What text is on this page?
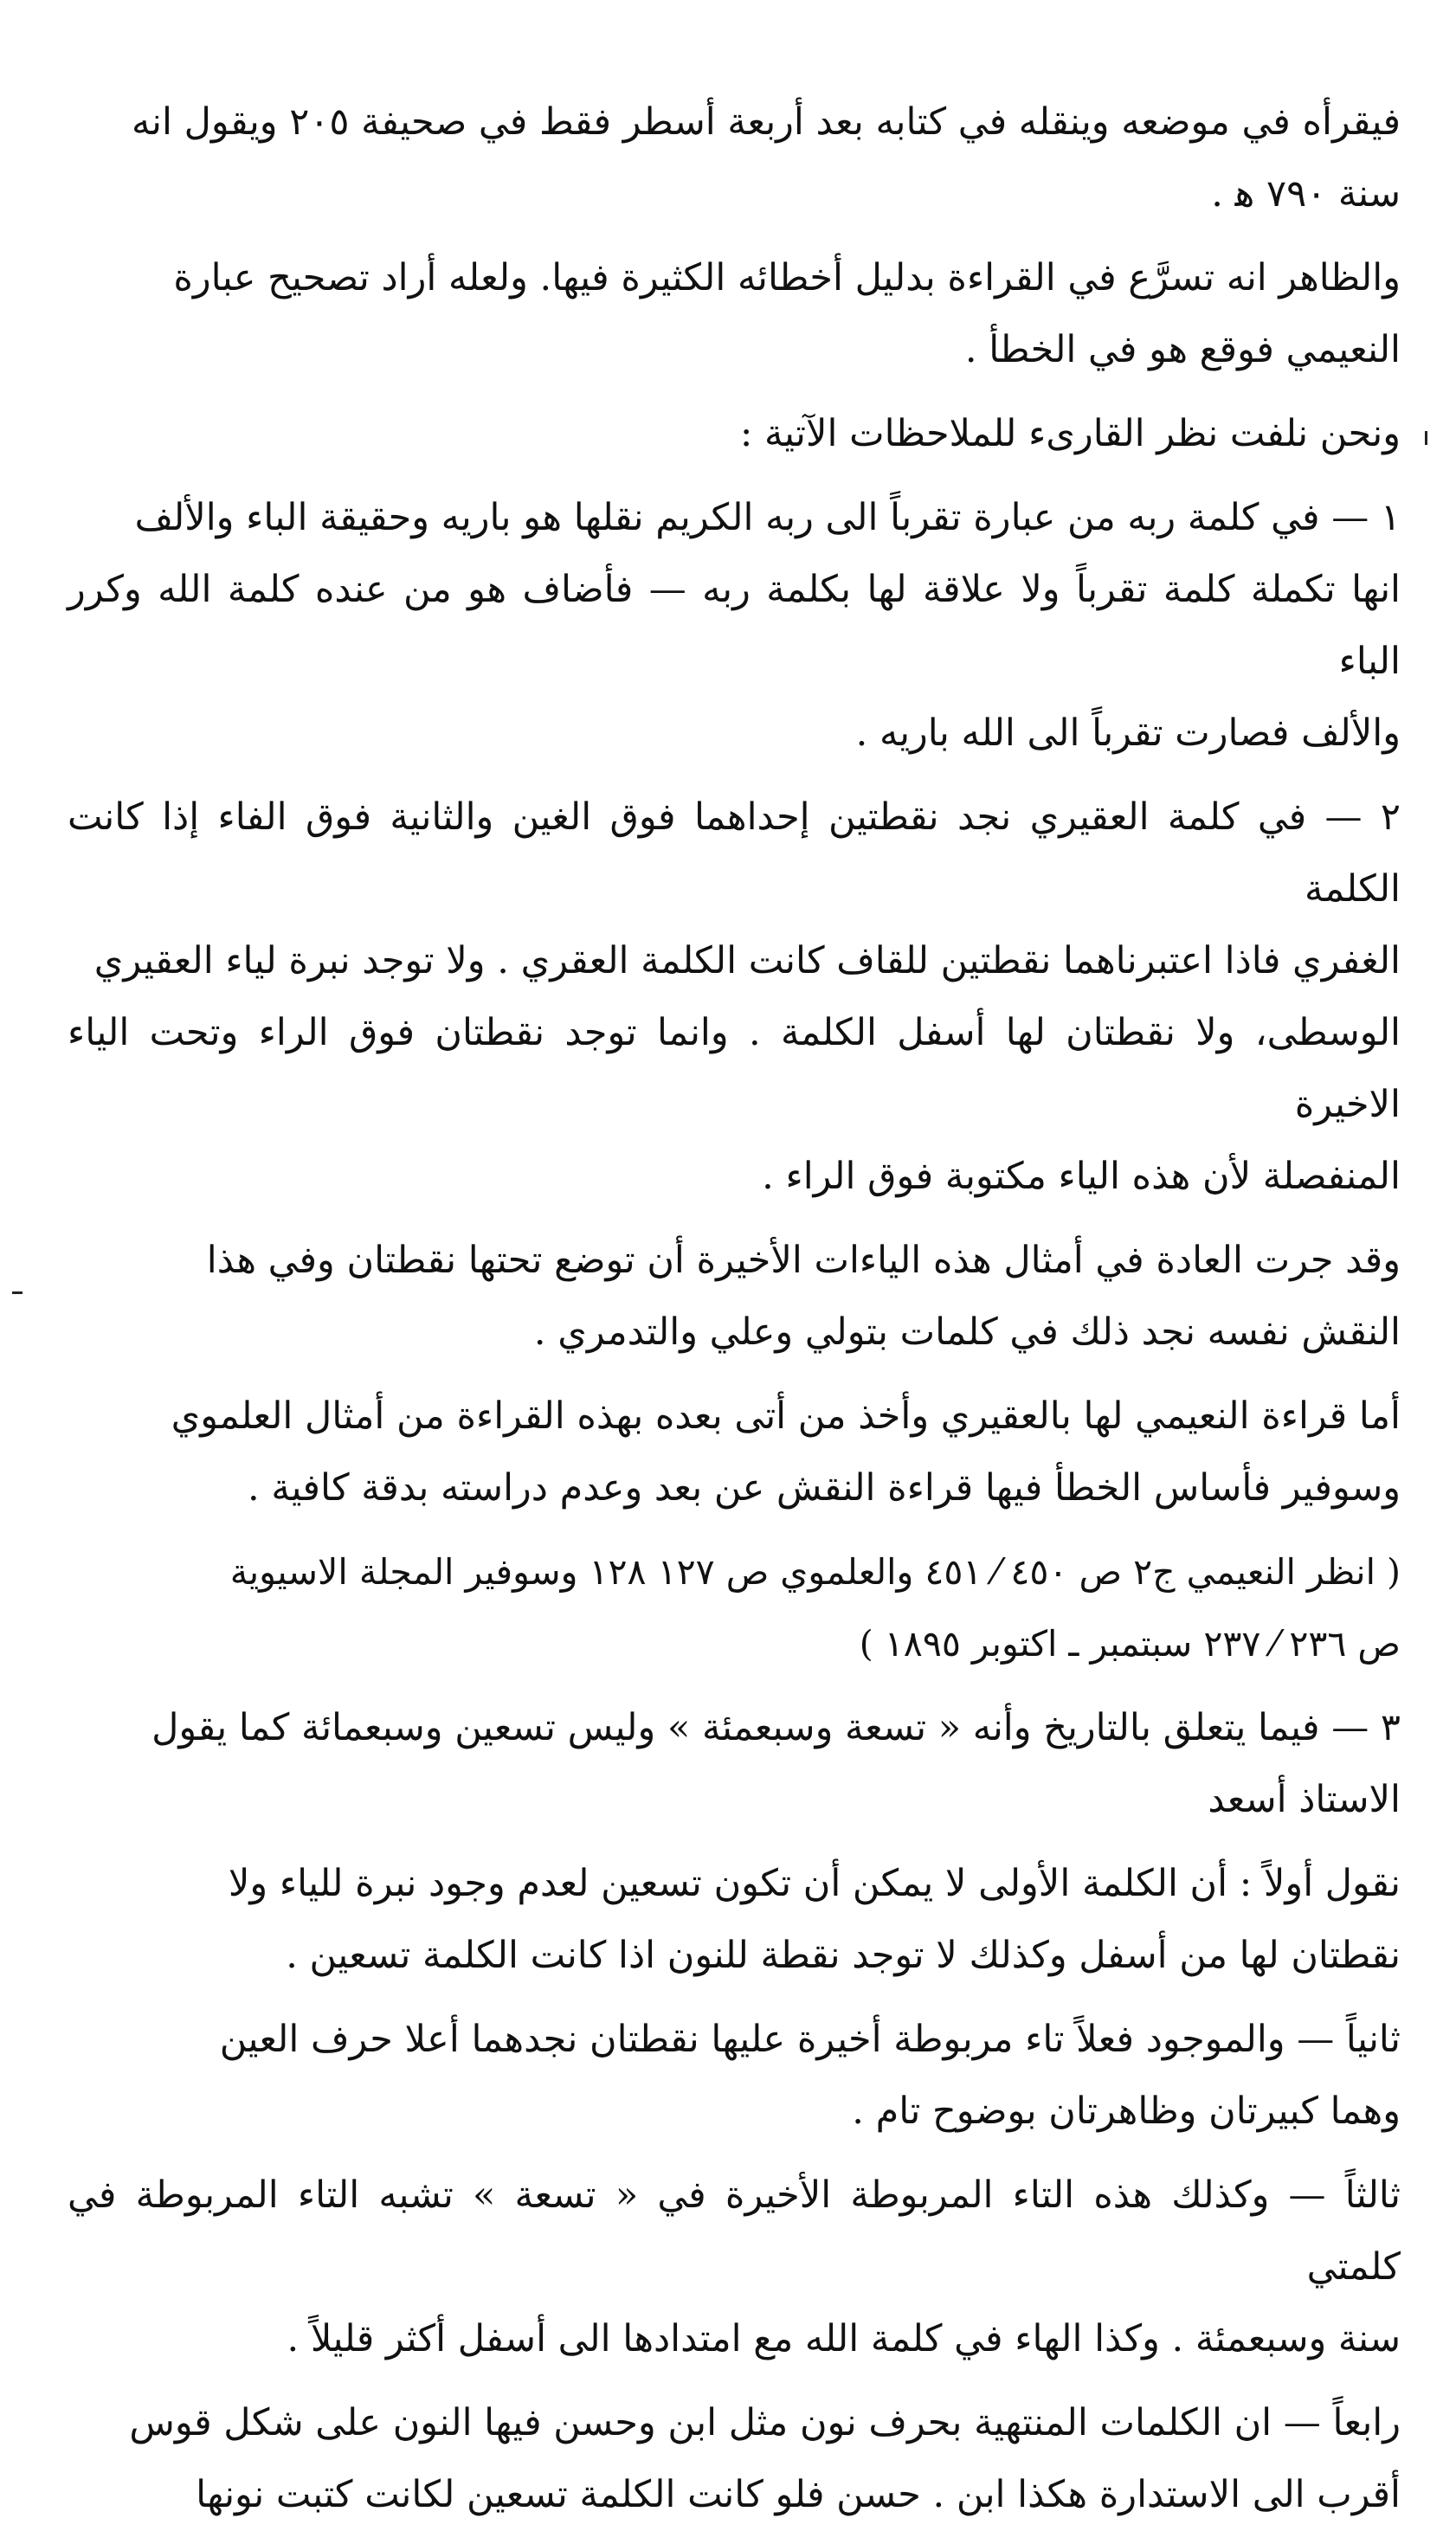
فيقرأه في موضعه وينقله في كتابه بعد أربعة أسطر فقط في صحيفة ٢٠٥ ويقول انه
سنة ٧٩٠ ﻫ .

والظاهر انه تسرَّع في القراءة بدليل أخطائه الكثيرة فيها. ولعله أراد تصحيح عبارة
النعيمي فوقع هو في الخطأ .

ونحن نلفت نظر القارىء للملاحظات الآتية :

١ — في كلمة ربه من عبارة تقرباً الى ربه الكريم نقلها هو باريه وحقيقة الباء والألف
انها تكملة كلمة تقرباً ولا علاقة لها بكلمة ربه — فأضاف هو من عنده كلمة الله وكرر الباء
والألف فصارت تقرباً الى الله باريه .

٢ — في كلمة العقيري نجد نقطتين إحداهما فوق الغين والثانية فوق الفاء إذا كانت الكلمة
الغفري فاذا اعتبرناهما نقطتين للقاف كانت الكلمة العقري . ولا توجد نبرة لياء العقيري
الوسطى، ولا نقطتان لها أسفل الكلمة . وانما توجد نقطتان فوق الراء وتحت الياء الاخيرة
المنفصلة لأن هذه الياء مكتوبة فوق الراء .

وقد جرت العادة في أمثال هذه الياءات الأخيرة أن توضع تحتها نقطتان وفي هذا
النقش نفسه نجد ذلك في كلمات بتولي وعلي والتدمري .

أما قراءة النعيمي لها بالعقيري وأخذ من أتى بعده بهذه القراءة من أمثال العلموي
وسوفير فأساس الخطأ فيها قراءة النقش عن بعد وعدم دراسته بدقة كافية .

( انظر النعيمي ج٢ ص ٤٥٠ ⁄ ٤٥١ والعلموي ص ١٢٧ ١٢٨ وسوفير المجلة الاسيوية
ص ٢٣٦ ⁄ ٢٣٧ سبتمبر ـ اكتوبر ١٨٩٥ )

٣ — فيما يتعلق بالتاريخ وأنه « تسعة وسبعمئة » وليس تسعين وسبعمائة كما يقول
الاستاذ أسعد

نقول أولاً : أن الكلمة الأولى لا يمكن أن تكون تسعين لعدم وجود نبرة للياء ولا
نقطتان لها من أسفل وكذلك لا توجد نقطة للنون اذا كانت الكلمة تسعين .

ثانياً — والموجود فعلاً تاء مربوطة أخيرة عليها نقطتان نجدهما أعلا حرف العين
وهما كبيرتان وظاهرتان بوضوح تام .

ثالثاً — وكذلك هذه التاء المربوطة الأخيرة في « تسعة » تشبه التاء المربوطة في كلمتي
سنة وسبعمئة . وكذا الهاء في كلمة الله مع امتدادها الى أسفل أكثر قليلاً .

رابعاً — ان الكلمات المنتهية بحرف نون مثل ابن وحسن فيها النون على شكل قوس
أقرب الى الاستدارة هكذا ابن . حسن فلو كانت الكلمة تسعين لكانت كتبت نونها
